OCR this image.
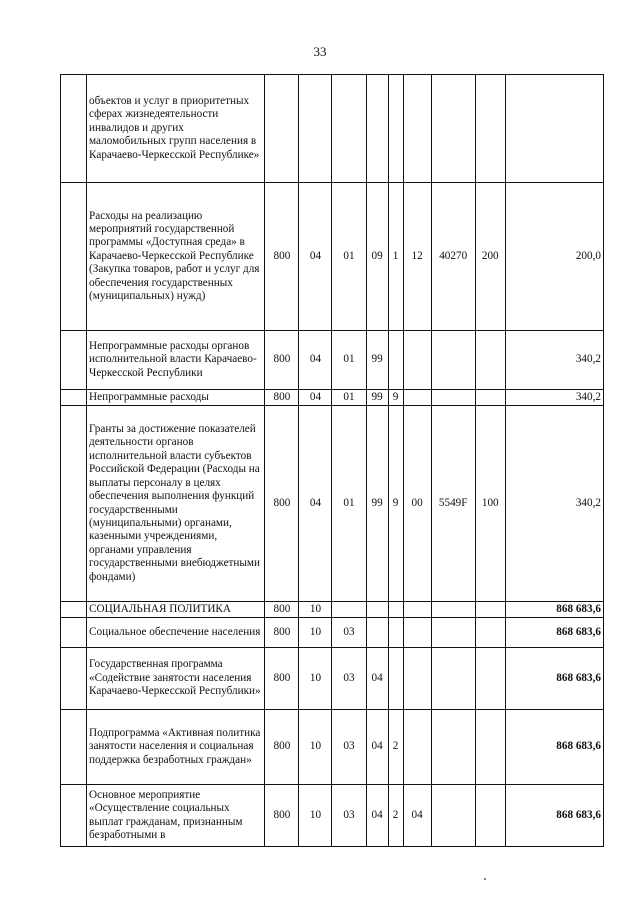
33
	объектов и услуг в приоритетных сферах жизнедеятельности инвалидов и других маломобильных групп населения в Карачаево-Черкесской Республике»									
	Расходы на реализацию мероприятий государственной программы «Доступная среда» в Карачаево-Черкесской Республике (Закупка товаров, работ и услуг для обеспечения государственных (муниципальных) нужд)	800	04	01	09	1	12	40270	200	200,0
	Непрограммные расходы органов исполнительной власти Карачаево-Черкесской Республики	800	04	01	99					340,2
	Непрограммные расходы	800	04	01	99	9				340,2
	Гранты за достижение показателей деятельности органов исполнительной власти субъектов Российской Федерации (Расходы на выплаты персоналу в целях обеспечения выполнения функций государственными (муниципальными) органами, казенными учреждениями, органами управления государственными внебюджетными фондами)	800	04	01	99	9	00	5549F	100	340,2
	СОЦИАЛЬНАЯ ПОЛИТИКА	800	10							868 683,6
	Социальное обеспечение населения	800	10	03						868 683,6
	Государственная программа «Содействие занятости населения Карачаево-Черкесской Республики»	800	10	03	04					868 683,6
	Подпрограмма «Активная политика занятости населения и социальная поддержка безработных граждан»	800	10	03	04	2				868 683,6
	Основное мероприятие «Осуществление социальных выплат гражданам, признанным безработными в	800	10	03	04	2	04			868 683,6
